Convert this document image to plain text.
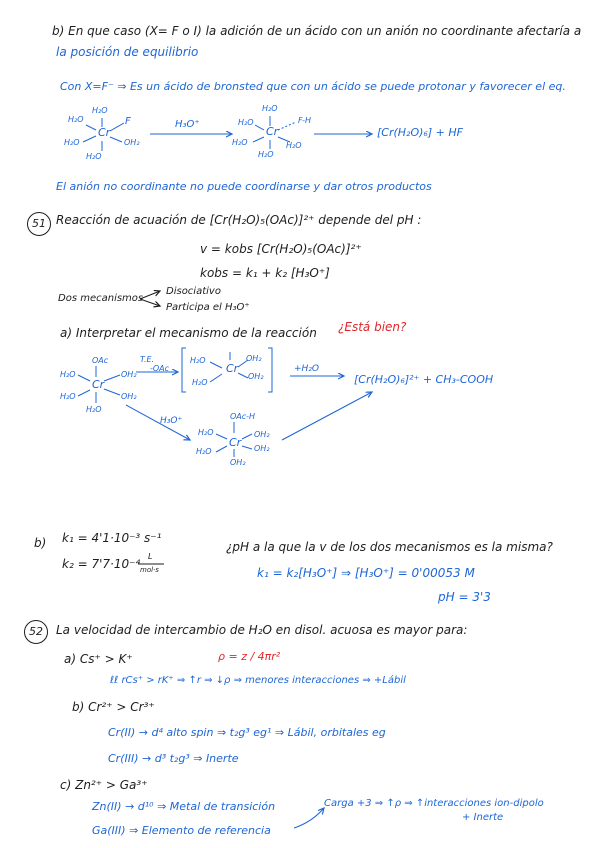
b) En que caso (X= F o I) la adición de un ácido con un anión no coordinante afectaría a
la posición de equilibrio
Con X=F⁻ ⇒ Es un ácido de bronsted que con un ácido se puede protonar y favorecer el eq.
H₂O
H₂O
H₂O
H₂O
Cr
F
OH₂
H₃O⁺
H₂O
H₂O
H₂O
H₂O
Cr
F-H
H₂O
[Cr(H₂O)₆] + HF
El anión no coordinante no puede coordinarse y dar otros productos
51 Reacción de acuación de [Cr(H₂O)₅(OAc)]²⁺ depende del pH :
v = kobs [Cr(H₂O)₅(OAc)]²⁺
kobs = k₁ + k₂ [H₃O⁺]
Dos mecanismos
Disociativo
Participa el H₃O⁺
a) Interpretar el mecanismo de la reacción ¿Está bien?
OAc
H₂O
H₂O
H₂O
OH₂
OH₂
Cr
T.E.
-OAc
H₂O
H₂O
OH₂
OH₂
Cr	+H₂O
[Cr(H₂O)₆]²⁺ + CH₃-COOH
H₃O⁺	OAc-H
H₂O
H₂O
OH₂
OH₂
OH₂
Cr
b) k₁ = 4'1·10⁻³ s⁻¹
k₂ = 7'7·10⁻⁴
L
mol·s
¿pH a la que la v de los dos mecanismos es la misma?
k₁ = k₂[H₃O⁺] ⇒ [H₃O⁺] = 0'00053 M
pH = 3'3
52	La velocidad de intercambio de H₂O en disol. acuosa es mayor para:
a) Cs⁺ > K⁺	ρ = z / 4πr²
ℓℓ rCs⁺ > rK⁺ ⇒ ↑r ⇒ ↓ρ ⇒ menores interacciones ⇒ +Lábil
b) Cr²⁺ > Cr³⁺
Cr(II) → d⁴ alto spin ⇒ t₂g³ eg¹ ⇒ Lábil, orbitales eg
Cr(III) → d³ t₂g³ ⇒ Inerte
c) Zn²⁺ > Ga³⁺
Zn(II) → d¹⁰ ⇒ Metal de transición
Ga(III) ⇒ Elemento de referencia
Carga +3 ⇒ ↑ρ ⇒ ↑interacciones ion-dipolo
+ Inerte
